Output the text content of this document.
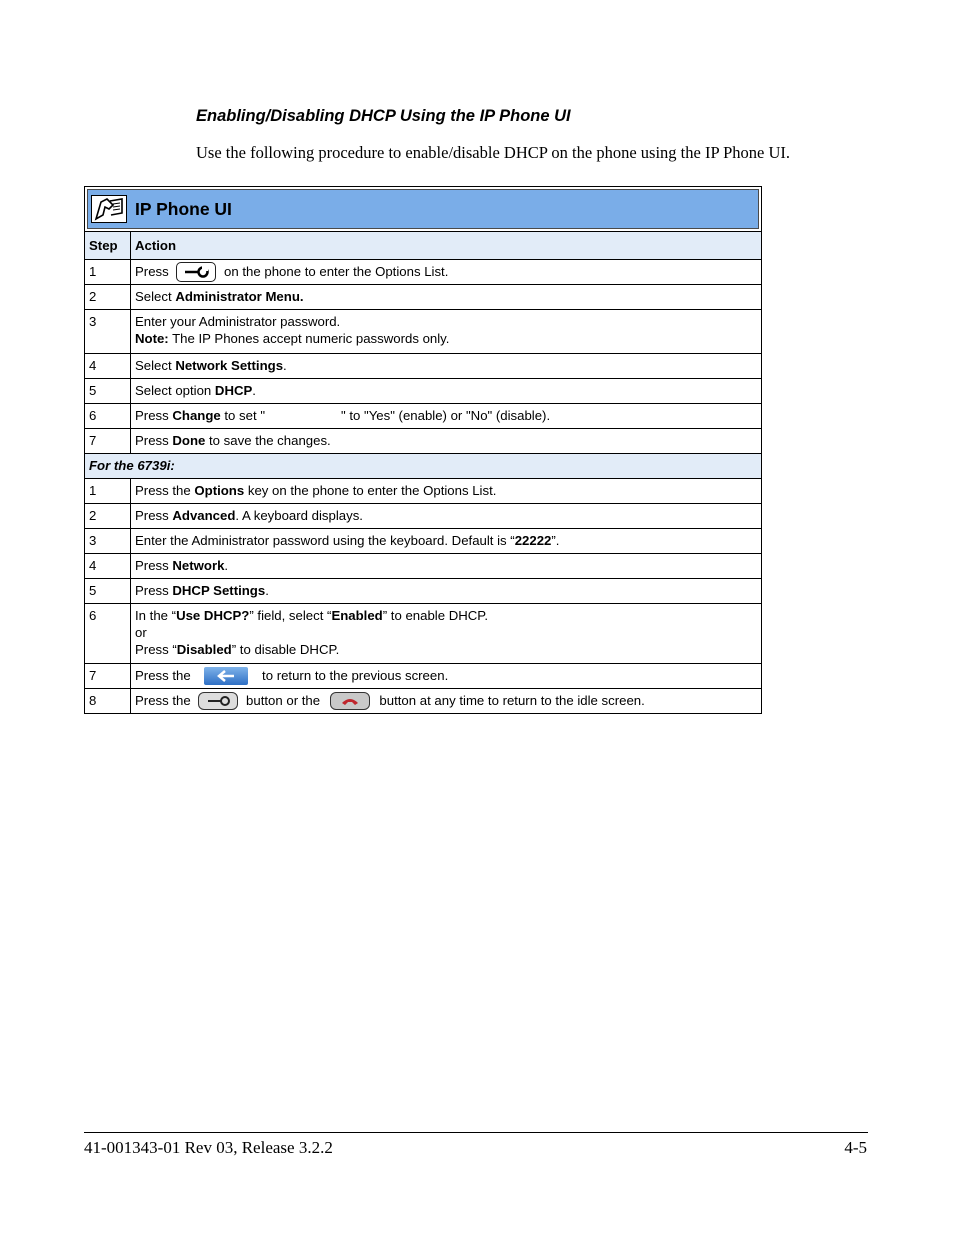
Enabling/Disabling DHCP Using the IP Phone UI

Use the following procedure to enable/disable DHCP on the phone using the IP Phone UI.

IP Phone UI
Step	Action
1	Press on the phone to enter the Options List.
2	Select Administrator Menu.
3	Enter your Administrator password.
Note: The IP Phones accept numeric passwords only.
4	Select Network Settings.
5	Select option DHCP.
6	Press Change to set " " to "Yes" (enable) or "No" (disable).
7	Press Done to save the changes.
For the 6739i:	
1	Press the Options key on the phone to enter the Options List.
2	Press Advanced. A keyboard displays.
3	Enter the Administrator password using the keyboard. Default is “22222”.
4	Press Network.
5	Press DHCP Settings.
6	In the “Use DHCP?” field, select “Enabled” to enable DHCP.
or
Press “Disabled” to disable DHCP.
7	Press the to return to the previous screen.
8	Press the button or the button at any time to return to the idle screen.

41-001343-01 Rev 03, Release 3.2.2	4-5
